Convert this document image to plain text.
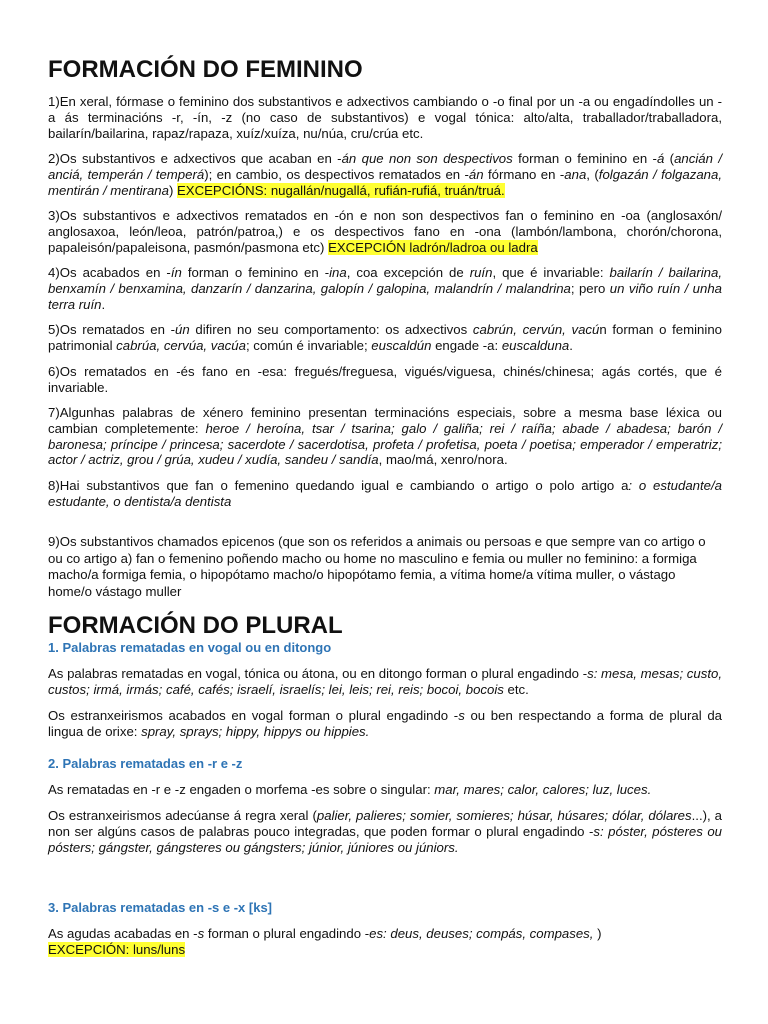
FORMACIÓN DO FEMININO

1)En xeral, fórmase o feminino dos substantivos e adxectivos cambiando o -o final por un -a ou engadíndolles un -a ás terminacións -r, -ín, -z (no caso de substantivos) e vogal tónica: alto/alta, traballador/traballadora, bailarín/bailarina, rapaz/rapaza, xuíz/xuíza, nu/núa, cru/crúa etc.

2)Os substantivos e adxectivos que acaban en -án que non son despectivos forman o feminino en -á (ancián / anciá, temperán / temperá); en cambio, os despectivos rematados en -án fórmano en -ana, (folgazán / folgazana, mentirán / mentirana) EXCEPCIÓNS: nugallán/nugallá, rufián-rufiá, truán/truá.

3)Os substantivos e adxectivos rematados en -ón e non son despectivos fan o feminino en -oa (anglosaxón/ anglosaxoa, león/leoa, patrón/patroa,) e os despectivos fano en -ona (lambón/lambona, chorón/chorona, papaleisón/papaleisona, pasmón/pasmona etc) EXCEPCIÓN ladrón/ladroa ou ladra

4)Os acabados en -ín forman o feminino en -ina, coa excepción de ruín, que é invariable: bailarín / bailarina, benxamín / benxamina, danzarín / danzarina, galopín / galopina, malandrín / malandrina; pero un viño ruín / unha terra ruín.

5)Os rematados en -ún difiren no seu comportamento: os adxectivos cabrún, cervún, vacún forman o feminino patrimonial cabrúa, cervúa, vacúa; común é invariable; euscaldún engade -a: euscalduna.

6)Os rematados en -és fano en -esa: fregués/freguesa, vigués/viguesa, chinés/chinesa; agás cortés, que é invariable.

7)Algunhas palabras de xénero feminino presentan terminacións especiais, sobre a mesma base léxica ou cambian completemente: heroe / heroína, tsar / tsarina; galo / galiña; rei / raíña; abade / abadesa; barón / baronesa; príncipe / princesa; sacerdote / sacerdotisa, profeta / profetisa, poeta / poetisa; emperador / emperatriz; actor / actriz, grou / grúa, xudeu / xudía, sandeu / sandía, mao/má, xenro/nora.

8)Hai substantivos que fan o femenino quedando igual e cambiando o artigo o polo artigo a: o estudante/a estudante, o dentista/a dentista

9)Os substantivos chamados epicenos (que son os referidos a animais ou persoas e que sempre van co artigo o ou co artigo a) fan o femenino poñendo macho ou home no masculino e femia ou muller no feminino: a formiga macho/a formiga femia, o hipopótamo macho/o hipopótamo femia, a vítima home/a vítima muller, o vástago home/o vástago muller

FORMACIÓN DO PLURAL
1. Palabras rematadas en vogal ou en ditongo

As palabras rematadas en vogal, tónica ou átona, ou en ditongo forman o plural engadindo -s: mesa, mesas; custo, custos; irmá, irmás; café, cafés; israelí, israelís; lei, leis; rei, reis; bocoi, bocois etc.

Os estranxeirismos acabados en vogal forman o plural engadindo -s ou ben respectando a forma de plural da lingua de orixe: spray, sprays; hippy, hippys ou hippies.

2. Palabras rematadas en -r e -z

As rematadas en -r e -z engaden o morfema -es sobre o singular: mar, mares; calor, calores; luz, luces.

Os estranxeirismos adecúanse á regra xeral (palier, palieres; somier, somieres; húsar, húsares; dólar, dólares...), a non ser algúns casos de palabras pouco integradas, que poden formar o plural engadindo -s: póster, pósteres ou pósters; gángster, gángsteres ou gángsters; júnior, júniores ou júniors.

3. Palabras rematadas en -s e -x [ks]

As agudas acabadas en -s forman o plural engadindo -es: deus, deuses; compás, compases, )
EXCEPCIÓN: luns/luns
